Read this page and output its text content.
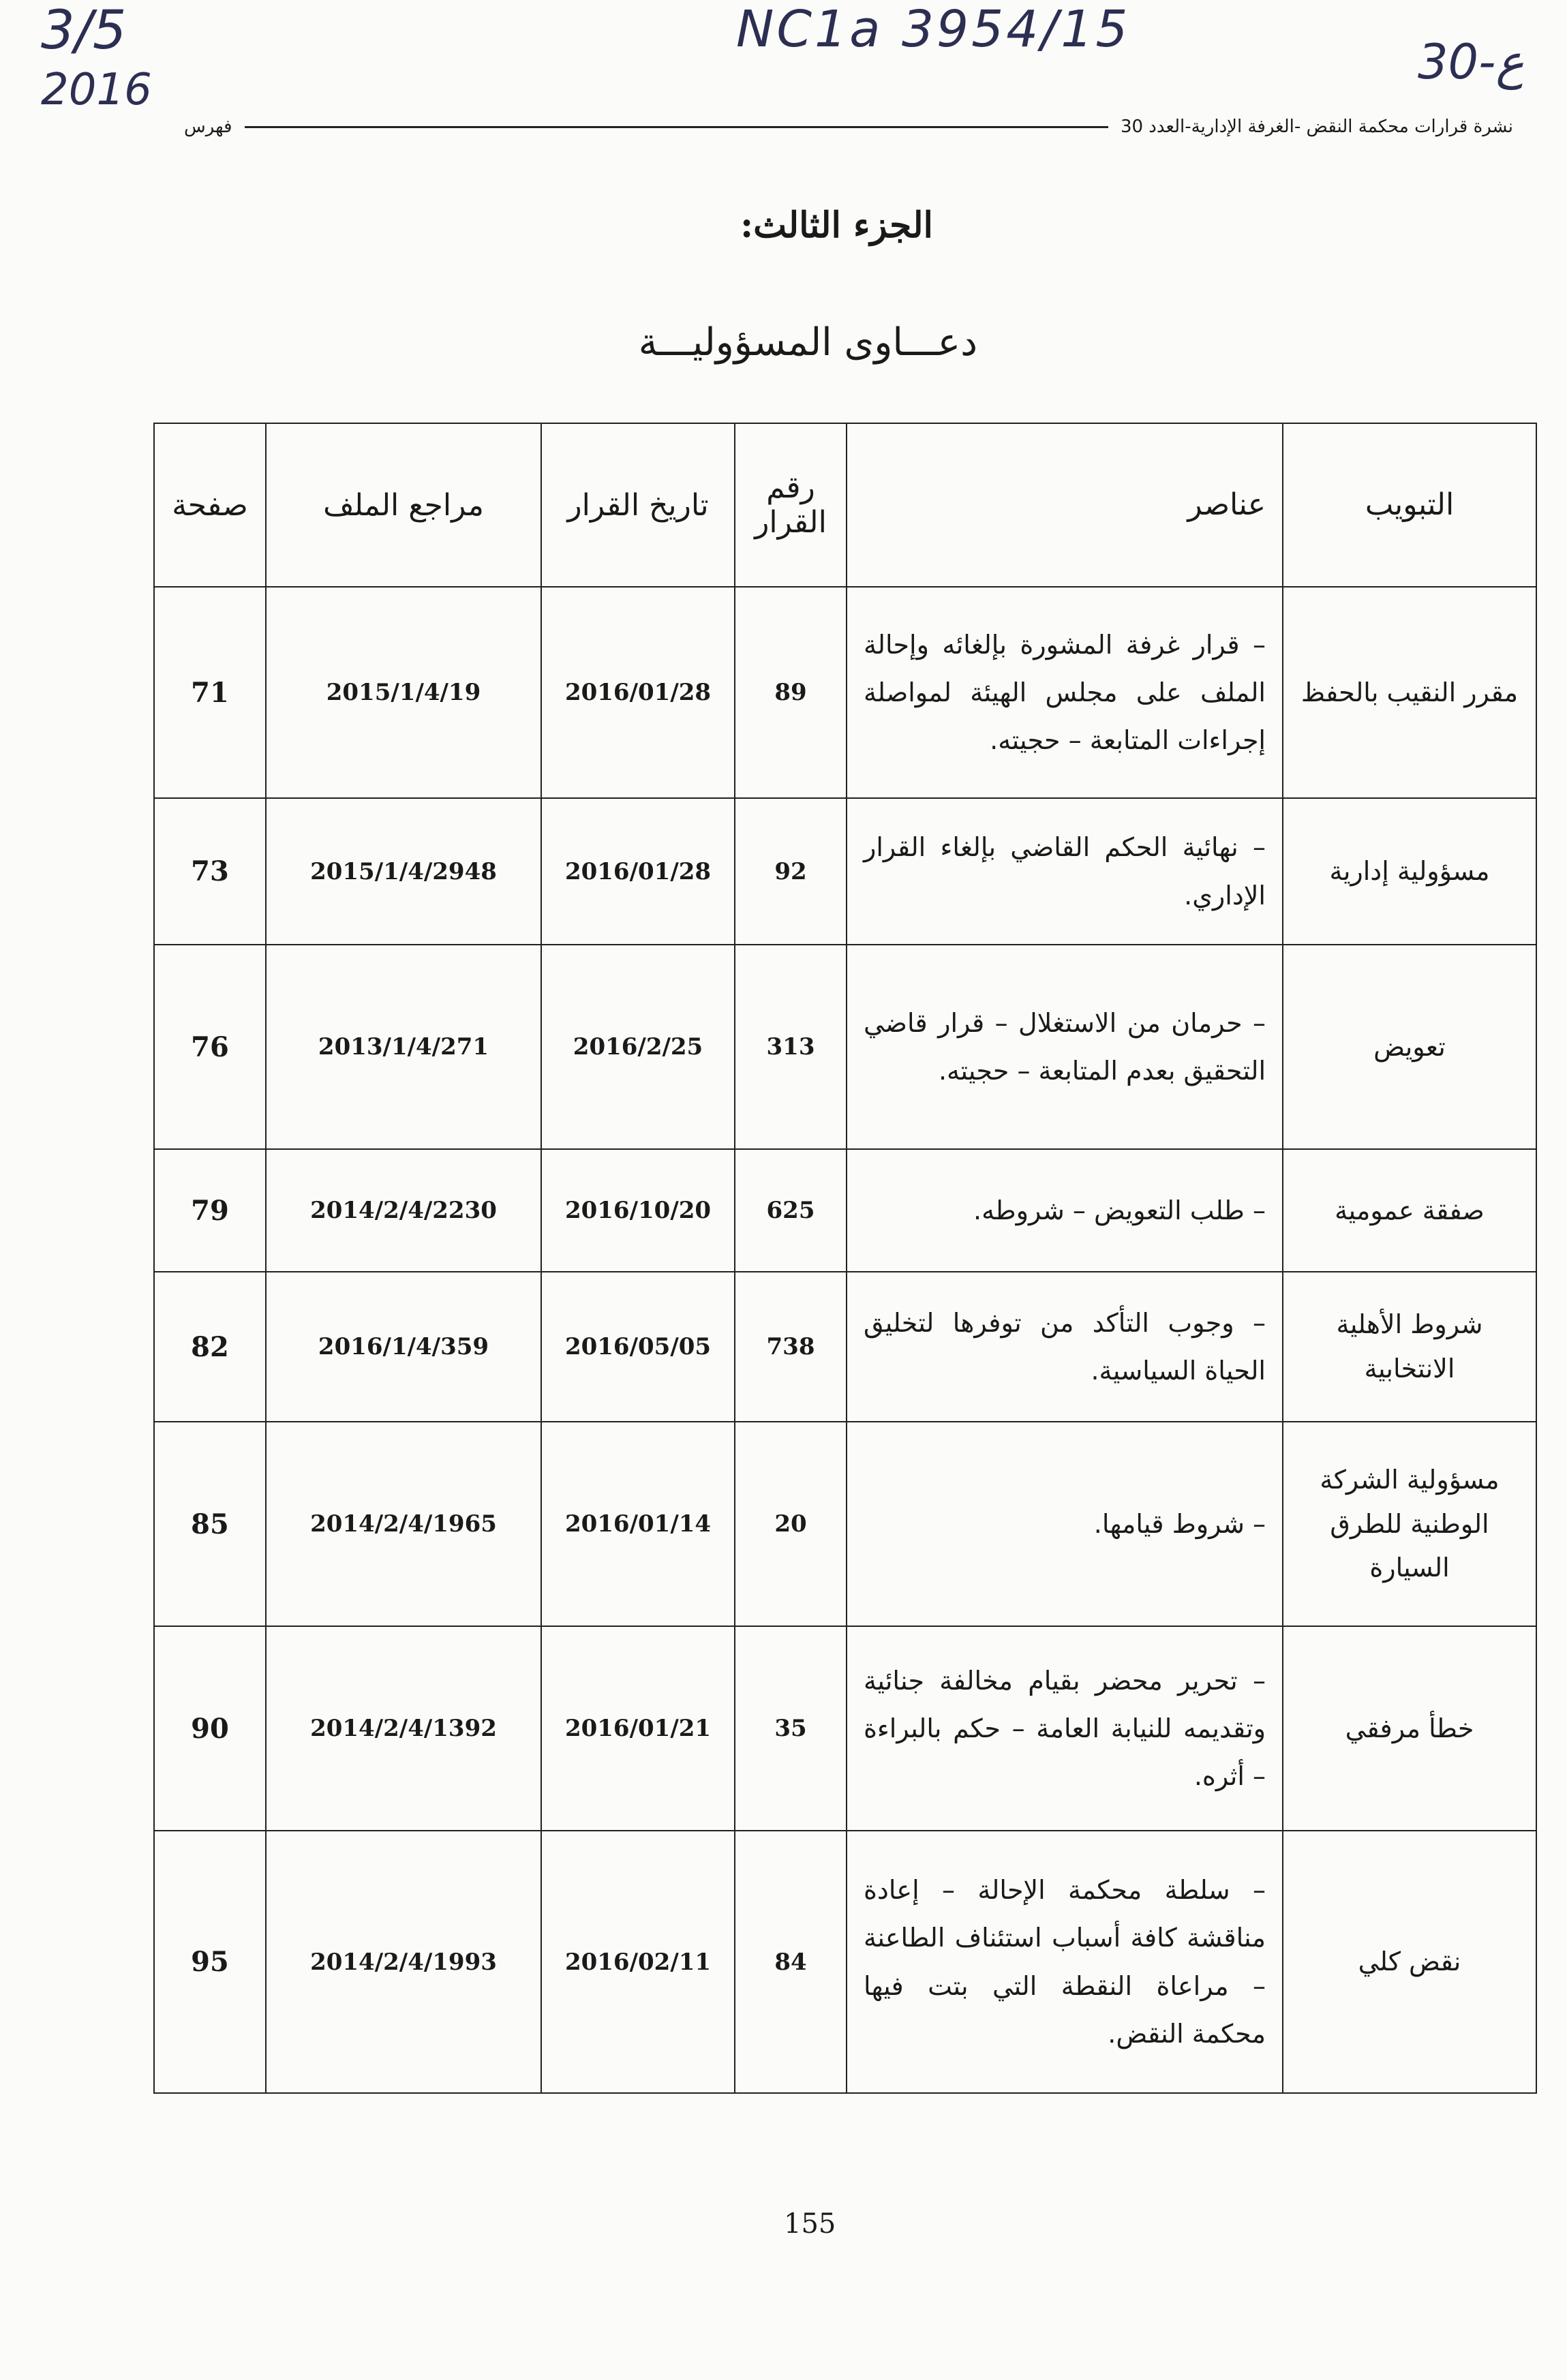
3/5
2016
NC1a 3954/15
30-ع
نشرة قرارات محكمة النقض -الغرفة الإدارية-العدد 30
فهرس
الجزء الثالث:
دعـــاوى المسؤوليـــة
التبويب	عناصر	رقم القرار	تاريخ القرار	مراجع الملف	صفحة
مقرر النقيب بالحفظ	– قرار غرفة المشورة بإلغائه وإحالة الملف على مجلس الهيئة لمواصلة إجراءات المتابعة – حجيته.	89	2016/01/28	2015/1/4/19	71
مسؤولية إدارية	– نهائية الحكم القاضي بإلغاء القرار الإداري.	92	2016/01/28	2015/1/4/2948	73
تعويض	– حرمان من الاستغلال – قرار قاضي التحقيق بعدم المتابعة – حجيته.	313	2016/2/25	2013/1/4/271	76
صفقة عمومية	– طلب التعويض – شروطه.	625	2016/10/20	2014/2/4/2230	79
شروط الأهلية الانتخابية	– وجوب التأكد من توفرها لتخليق الحياة السياسية.	738	2016/05/05	2016/1/4/359	82
مسؤولية الشركة الوطنية للطرق السيارة	– شروط قيامها.	20	2016/01/14	2014/2/4/1965	85
خطأ مرفقي	– تحرير محضر بقيام مخالفة جنائية وتقديمه للنيابة العامة – حكم بالبراءة – أثره.	35	2016/01/21	2014/2/4/1392	90
نقض كلي	– سلطة محكمة الإحالة – إعادة مناقشة كافة أسباب استئناف الطاعنة – مراعاة النقطة التي بتت فيها محكمة النقض.	84	2016/02/11	2014/2/4/1993	95
155
